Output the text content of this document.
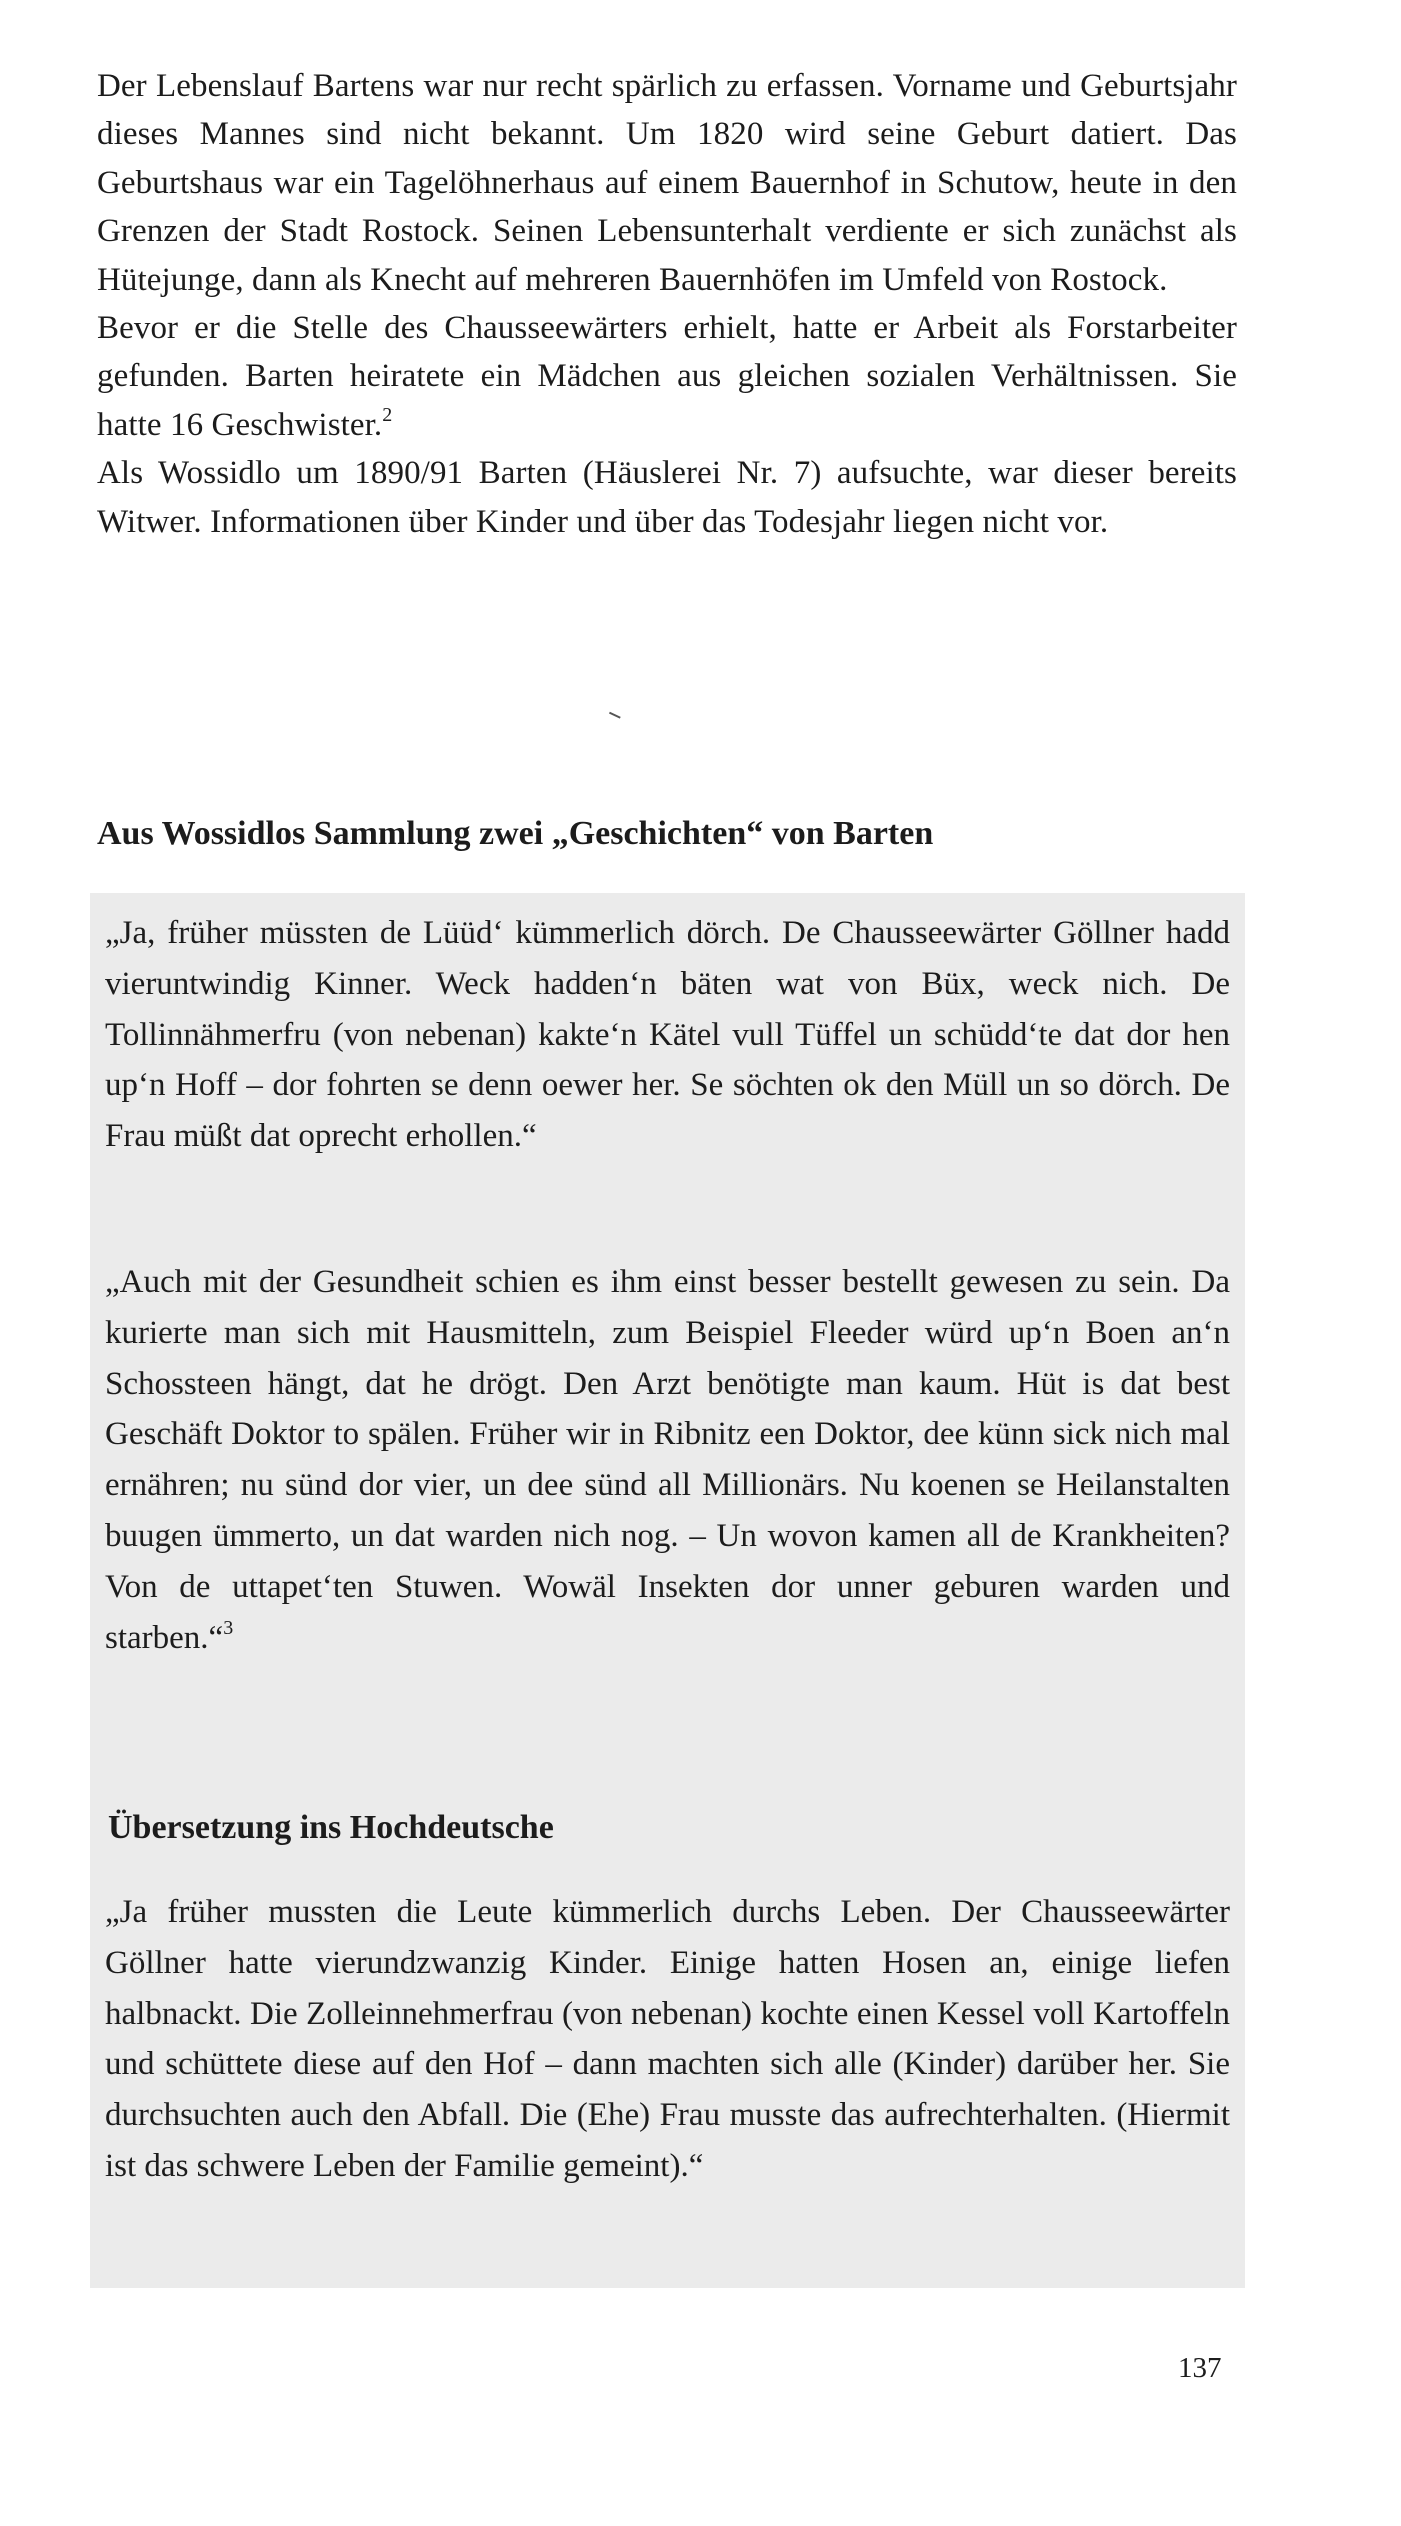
Der Lebenslauf Bartens war nur recht spärlich zu erfassen. Vorname und Geburtsjahr dieses Mannes sind nicht bekannt. Um 1820 wird seine Geburt datiert. Das Geburtshaus war ein Tagelöhnerhaus auf einem Bauernhof in Schutow, heute in den Grenzen der Stadt Rostock. Seinen Lebensunterhalt verdiente er sich zunächst als Hütejunge, dann als Knecht auf mehreren Bauernhöfen im Umfeld von Rostock.

Bevor er die Stelle des Chausseewärters erhielt, hatte er Arbeit als Forstarbeiter gefunden. Barten heiratete ein Mädchen aus gleichen sozialen Verhältnissen. Sie hatte 16 Geschwister.$^2$

Als Wossidlo um 1890/91 Barten (Häuslerei Nr. 7) aufsuchte, war dieser bereits Witwer. Informationen über Kinder und über das Todesjahr liegen nicht vor.

Aus Wossidlos Sammlung zwei „Geschichten“ von Barten

„Ja, früher müssten de Lüüd‘ kümmerlich dörch. De Chausseewärter Göllner hadd vieruntwindig Kinner. Weck hadden‘n bäten wat von Büx, weck nich. De Tollinnähmerfru (von nebenan) kakte‘n Kätel vull Tüffel un schüdd‘te dat dor hen up‘n Hoff – dor fohrten se denn oewer her. Se söchten ok den Müll un so dörch. De Frau müßt dat oprecht erhollen.“

„Auch mit der Gesundheit schien es ihm einst besser bestellt gewesen zu sein. Da kurierte man sich mit Hausmitteln, zum Beispiel Fleeder würd up‘n Boen an‘n Schossteen hängt, dat he drögt. Den Arzt benötigte man kaum. Hüt is dat best Geschäft Doktor to spälen. Früher wir in Ribnitz een Doktor, dee künn sick nich mal ernähren; nu sünd dor vier, un dee sünd all Millionärs. Nu koenen se Heilanstalten buugen ümmerto, un dat warden nich nog. – Un wovon kamen all de Krankheiten? Von de uttapet‘ten Stuwen. Wowäl Insekten dor unner geburen warden und starben.“$^3$

Übersetzung ins Hochdeutsche

„Ja früher mussten die Leute kümmerlich durchs Leben. Der Chausseewärter Göllner hatte vierundzwanzig Kinder. Einige hatten Hosen an, einige liefen halbnackt. Die Zolleinnehmerfrau (von nebenan) kochte einen Kessel voll Kartoffeln und schüttete diese auf den Hof – dann machten sich alle (Kinder) darüber her. Sie durchsuchten auch den Abfall. Die (Ehe) Frau musste das aufrechterhalten. (Hiermit ist das schwere Leben der Familie gemeint).“

137
